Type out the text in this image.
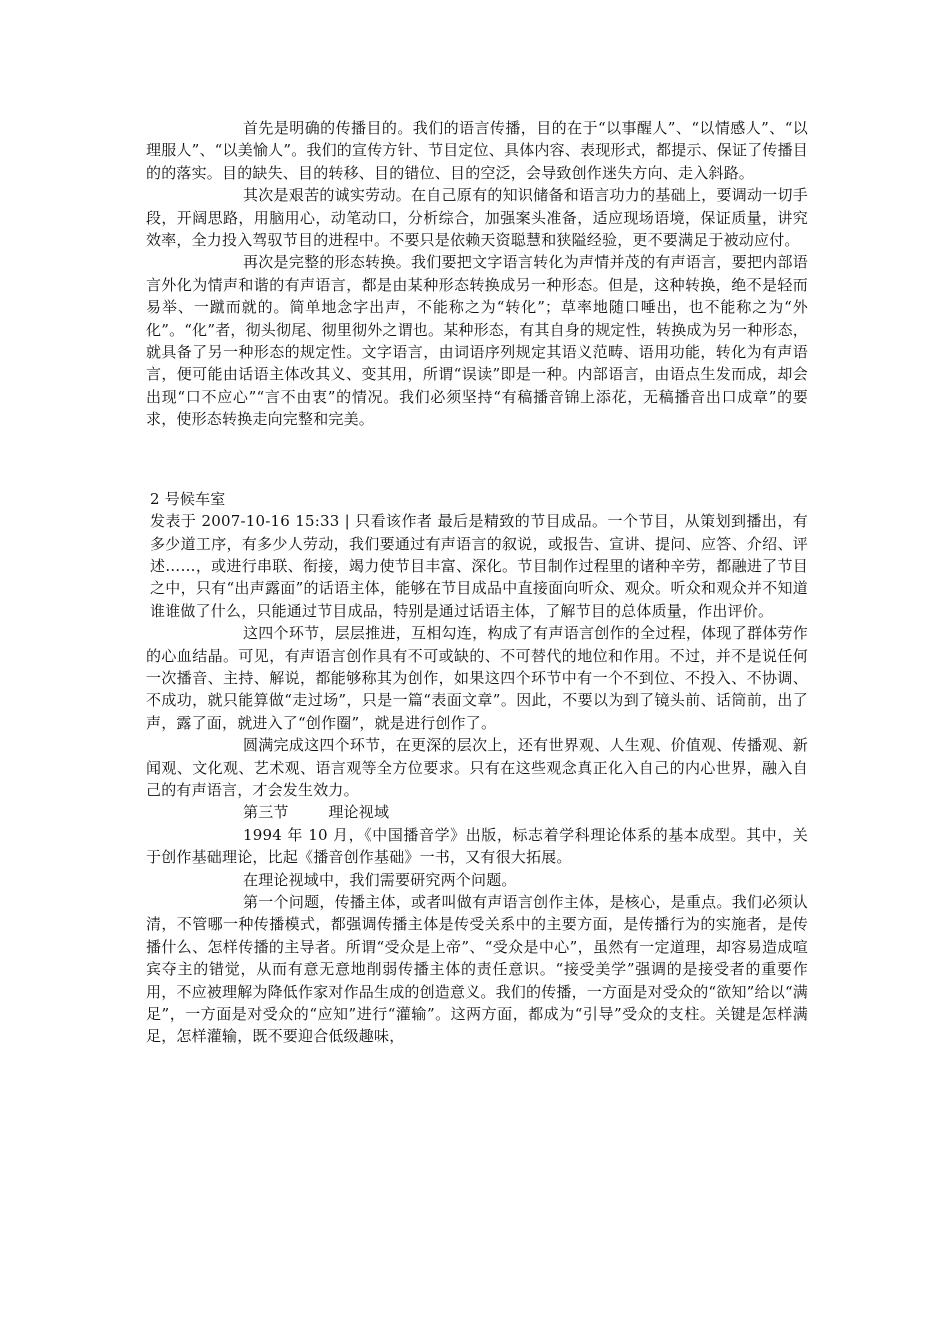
首先是明确的传播目的。我们的语言传播，目的在于“以事醒人”、“以情感人”、“以理服人”、“以美愉人”。我们的宣传方针、节目定位、具体内容、表现形式，都提示、保证了传播目的的落实。目的缺失、目的转移、目的错位、目的空泛，会导致创作迷失方向、走入斜路。

其次是艰苦的诚实劳动。在自己原有的知识储备和语言功力的基础上，要调动一切手段，开阔思路，用脑用心，动笔动口，分析综合，加强案头准备，适应现场语境，保证质量，讲究效率，全力投入驾驭节目的进程中。不要只是依赖天资聪慧和狭隘经验，更不要满足于被动应付。

再次是完整的形态转换。我们要把文字语言转化为声情并茂的有声语言，要把内部语言外化为情声和谐的有声语言，都是由某种形态转换成另一种形态。但是，这种转换，绝不是轻而易举、一蹴而就的。简单地念字出声，不能称之为“转化”；草率地随口唾出，也不能称之为“外化”。“化”者，彻头彻尾、彻里彻外之谓也。某种形态，有其自身的规定性，转换成为另一种形态，就具备了另一种形态的规定性。文字语言，由词语序列规定其语义范畴、语用功能，转化为有声语言，便可能由话语主体改其义、变其用，所谓“误读”即是一种。内部语言，由语点生发而成，却会出现“口不应心”“言不由衷”的情况。我们必须坚持“有稿播音锦上添花，无稿播音出口成章”的要求，使形态转换走向完整和完美。

2 号候车室

发表于 2007-10-16 15:33 | 只看该作者 最后是精致的节目成品。一个节目，从策划到播出，有多少道工序，有多少人劳动，我们要通过有声语言的叙说，或报告、宣讲、提问、应答、介绍、评述……，或进行串联、衔接，竭力使节目丰富、深化。节目制作过程里的诸种辛劳，都融进了节目之中，只有“出声露面”的话语主体，能够在节目成品中直接面向听众、观众。听众和观众并不知道谁谁做了什么，只能通过节目成品，特别是通过话语主体，了解节目的总体质量，作出评价。

这四个环节，层层推进，互相勾连，构成了有声语言创作的全过程，体现了群体劳作的心血结晶。可见，有声语言创作具有不可或缺的、不可替代的地位和作用。不过，并不是说任何一次播音、主持、解说，都能够称其为创作，如果这四个环节中有一个不到位、不投入、不协调、不成功，就只能算做“走过场”，只是一篇“表面文章”。因此，不要以为到了镜头前、话筒前，出了声，露了面，就进入了“创作圈”，就是进行创作了。

圆满完成这四个环节，在更深的层次上，还有世界观、人生观、价值观、传播观、新闻观、文化观、艺术观、语言观等全方位要求。只有在这些观念真正化入自己的内心世界，融入自己的有声语言，才会发生效力。

第三节        理论视域

1994 年 10 月，《中国播音学》出版，标志着学科理论体系的基本成型。其中，关于创作基础理论，比起《播音创作基础》一书，又有很大拓展。

在理论视域中，我们需要研究两个问题。

第一个问题，传播主体，或者叫做有声语言创作主体，是核心，是重点。我们必须认清，不管哪一种传播模式，都强调传播主体是传受关系中的主要方面，是传播行为的实施者，是传播什么、怎样传播的主导者。所谓“受众是上帝”、“受众是中心”，虽然有一定道理，却容易造成喧宾夺主的错觉，从而有意无意地削弱传播主体的责任意识。“接受美学”强调的是接受者的重要作用，不应被理解为降低作家对作品生成的创造意义。我们的传播，一方面是对受众的“欲知”给以“满足”，一方面是对受众的“应知”进行“灌输”。这两方面，都成为“引导”受众的支柱。关键是怎样满足，怎样灌输，既不要迎合低级趣味，
